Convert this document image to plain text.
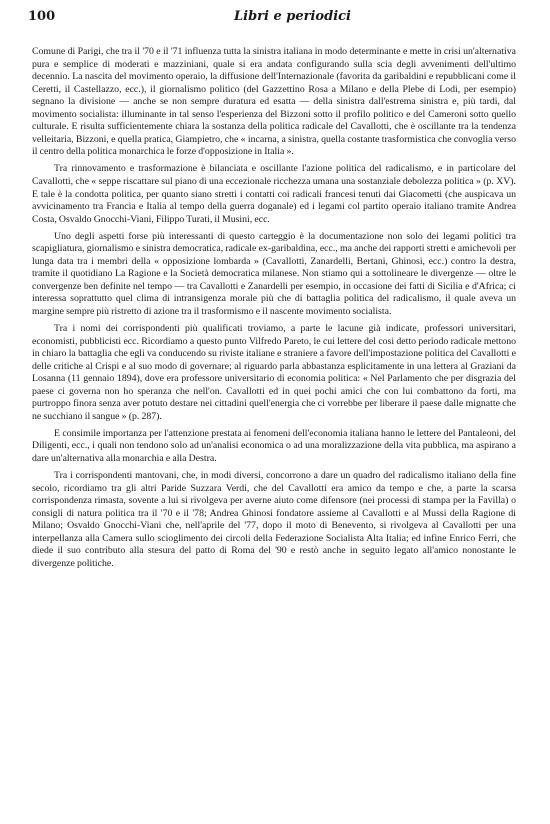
100	Libri e periodici

Comune di Parigi, che tra il '70 e il '71 influenza tutta la sinistra italiana in modo determinante e mette in crisi un'alternativa pura e semplice di moderati e mazziniani, quale si era andata configurando sulla scia degli avvenimenti dell'ultimo decennio. La nascita del movimento operaio, la diffusione dell'Internazionale (favorita da garibaldini e repubblicani come il Ceretti, il Castellazzo, ecc.), il giornalismo politico (del Gazzettino Rosa a Milano e della Plebe di Lodi, per esempio) segnano la divisione — anche se non sempre duratura ed esatta — della sinistra dall'estrema sinistra e, più tardi, dal movimento socialista: illuminante in tal senso l'esperienza del Bizzoni sotto il profilo politico e del Cameroni sotto quello culturale. E risulta sufficientemente chiara la sostanza della politica radicale del Cavallotti, che è oscillante tra la tendenza velleitaria, Bizzoni, e quella pratica, Giampietro, che « incarna, a sinistra, quella costante trasformistica che convoglia verso il centro della politica monarchica le forze d'opposizione in Italia ».

Tra rinnovamento e trasformazione è bilanciata e oscillante l'azione politica del radicalismo, e in particolare del Cavallotti, che « seppe riscattare sul piano di una eccezionale ricchezza umana una sostanziale debolezza politica » (p. XV). E tale è la condotta politica, per quanto siano stretti i contatti coi radicali francesi tenuti dai Giacometti (che auspicava un avvicinamento tra Francia e Italia al tempo della guerra doganale) ed i legami col partito operaio italiano tramite Andrea Costa, Osvaldo Gnocchi-Viani, Filippo Turati, il Musini, ecc.

Uno degli aspetti forse più interessanti di questo carteggio è la documentazione non solo dei legami politici tra scapigliatura, giornalismo e sinistra democratica, radicale ex-garibaldina, ecc., ma anche dei rapporti stretti e amichevoli per lunga data tra i membri della « opposizione lombarda » (Cavallotti, Zanardelli, Bertani, Ghinosi, ecc.) contro la destra, tramite il quotidiano La Ragione e la Società democratica milanese. Non stiamo qui a sottolineare le divergenze — oltre le convergenze ben definite nel tempo — tra Cavallotti e Zanardelli per esempio, in occasione dei fatti di Sicilia e d'Africa; ci interessa soprattutto quel clima di intransigenza morale più che di battaglia politica del radicalismo, il quale aveva un margine sempre più ristretto di azione tra il trasformismo e il nascente movimento socialista.

Tra i nomi dei corrispondenti più qualificati troviamo, a parte le lacune già indicate, professori universitari, economisti, pubblicisti ecc. Ricordiamo a questo punto Vilfredo Pareto, le cui lettere del così detto periodo radicale mettono in chiaro la battaglia che egli va conducendo su riviste italiane e straniere a favore dell'impostazione politica del Cavallotti e delle critiche al Crispi e al suo modo di governare; al riguardo parla abbastanza esplicitamente in una lettera al Graziani da Losanna (11 gennaio 1894), dove era professore universitario di economia politica: « Nel Parlamento che per disgrazia del paese ci governa non ho speranza che nell'on. Cavallotti ed in quei pochi amici che con lui combattono da forti, ma purtroppo finora senza aver potuto destare nei cittadini quell'energia che ci vorrebbe per liberare il paese dalle mignatte che ne succhiano il sangue » (p. 287).

E consimile importanza per l'attenzione prestata ai fenomeni dell'economia italiana hanno le lettere del Pantaleoni, del Diligenti, ecc., i quali non tendono solo ad un'analisi economica o ad una moralizzazione della vita pubblica, ma aspirano a dare un'alternativa alla monarchia e alla Destra.

Tra i corrispondenti mantovani, che, in modi diversi, concorrono a dare un quadro del radicalismo italiano della fine secolo, ricordiamo tra gli altri Paride Suzzara Verdi, che del Cavallotti era amico da tempo e che, a parte la scarsa corrispondenza rimasta, sovente a lui si rivolgeva per averne aiuto come difensore (nei processi di stampa per la Favilla) o consigli di natura politica tra il '70 e il '78; Andrea Ghinosi fondatore assieme al Cavallotti e al Mussi della Ragione di Milano; Osvaldo Gnocchi-Viani che, nell'aprile del '77, dopo il moto di Benevento, si rivolgeva al Cavallotti per una interpellanza alla Camera sullo scioglimento dei circoli della Federazione Socialista Alta Italia; ed infine Enrico Ferri, che diede il suo contributo alla stesura del patto di Roma del '90 e restò anche in seguito legato all'amico nonostante le divergenze politiche.
